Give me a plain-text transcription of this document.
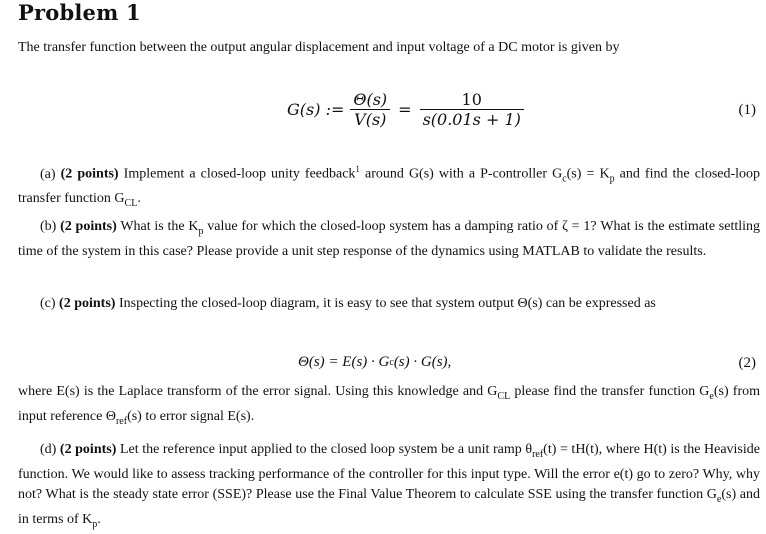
Problem 1
The transfer function between the output angular displacement and input voltage of a DC motor is given by
G(s) := $\frac{\Theta(s)}{V(s)} = \frac{10}{s(0.01s + 1)}$	(1)
(a) (2 points) Implement a closed-loop unity feedback$^1$ around G(s) with a P-controller $G_c(s) = K_p$ and find the closed-loop transfer function $G_{CL}$.
(b) (2 points) What is the $K_p$ value for which the closed-loop system has a damping ratio of ζ = 1? What is the estimate settling time of the system in this case? Please provide a unit step response of the dynamics using MATLAB to validate the results.
(c) (2 points) Inspecting the closed-loop diagram, it is easy to see that system output Θ(s) can be expressed as
Θ(s) = E(s) · G c (s) · G(s),	(2)
where E(s) is the Laplace transform of the error signal. Using this knowledge and $G_{CL}$ please find the transfer function $G_e(s)$ from input reference $\Theta_{ref}(s)$ to error signal E(s).
(d) (2 points) Let the reference input applied to the closed loop system be a unit ramp $\theta_{ref}(t) = tH(t)$, where H(t) is the Heaviside function. We would like to assess tracking performance of the controller for this input type. Will the error e(t) go to zero? Why, why not? What is the steady state error (SSE)? Please use the Final Value Theorem to calculate SSE using the transfer function $G_e(s)$ and in terms of $K_p$.
